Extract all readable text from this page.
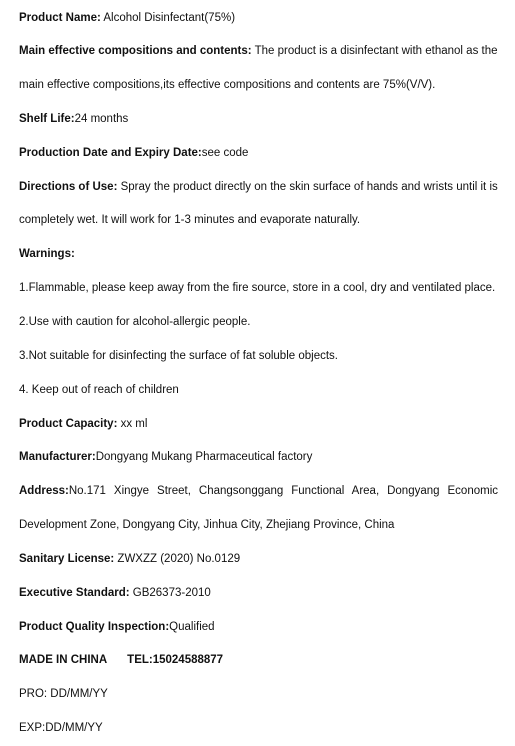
Product Name: Alcohol Disinfectant(75%)
Main effective compositions and contents: The product is a disinfectant with ethanol as the
main effective compositions,its effective compositions and contents are 75%(V/V).
Shelf Life:24 months
Production Date and Expiry Date:see code
Directions of Use: Spray the product directly on the skin surface of hands and wrists until it is
completely wet. It will work for 1-3 minutes and evaporate naturally.
Warnings:
1.Flammable, please keep away from the fire source, store in a cool, dry and ventilated place.
2.Use with caution for alcohol-allergic people.
3.Not suitable for disinfecting the surface of fat soluble objects.
4. Keep out of reach of children
Product Capacity: xx ml
Manufacturer:Dongyang Mukang Pharmaceutical factory
Address:No.171 Xingye Street, Changsonggang Functional Area, Dongyang Economic
Development Zone, Dongyang City, Jinhua City, Zhejiang Province, China
Sanitary License: ZWXZZ (2020) No.0129
Executive Standard: GB26373-2010
Product Quality Inspection:Qualified
MADE IN CHINA TEL:15024588877
PRO: DD/MM/YY
EXP:DD/MM/YY
